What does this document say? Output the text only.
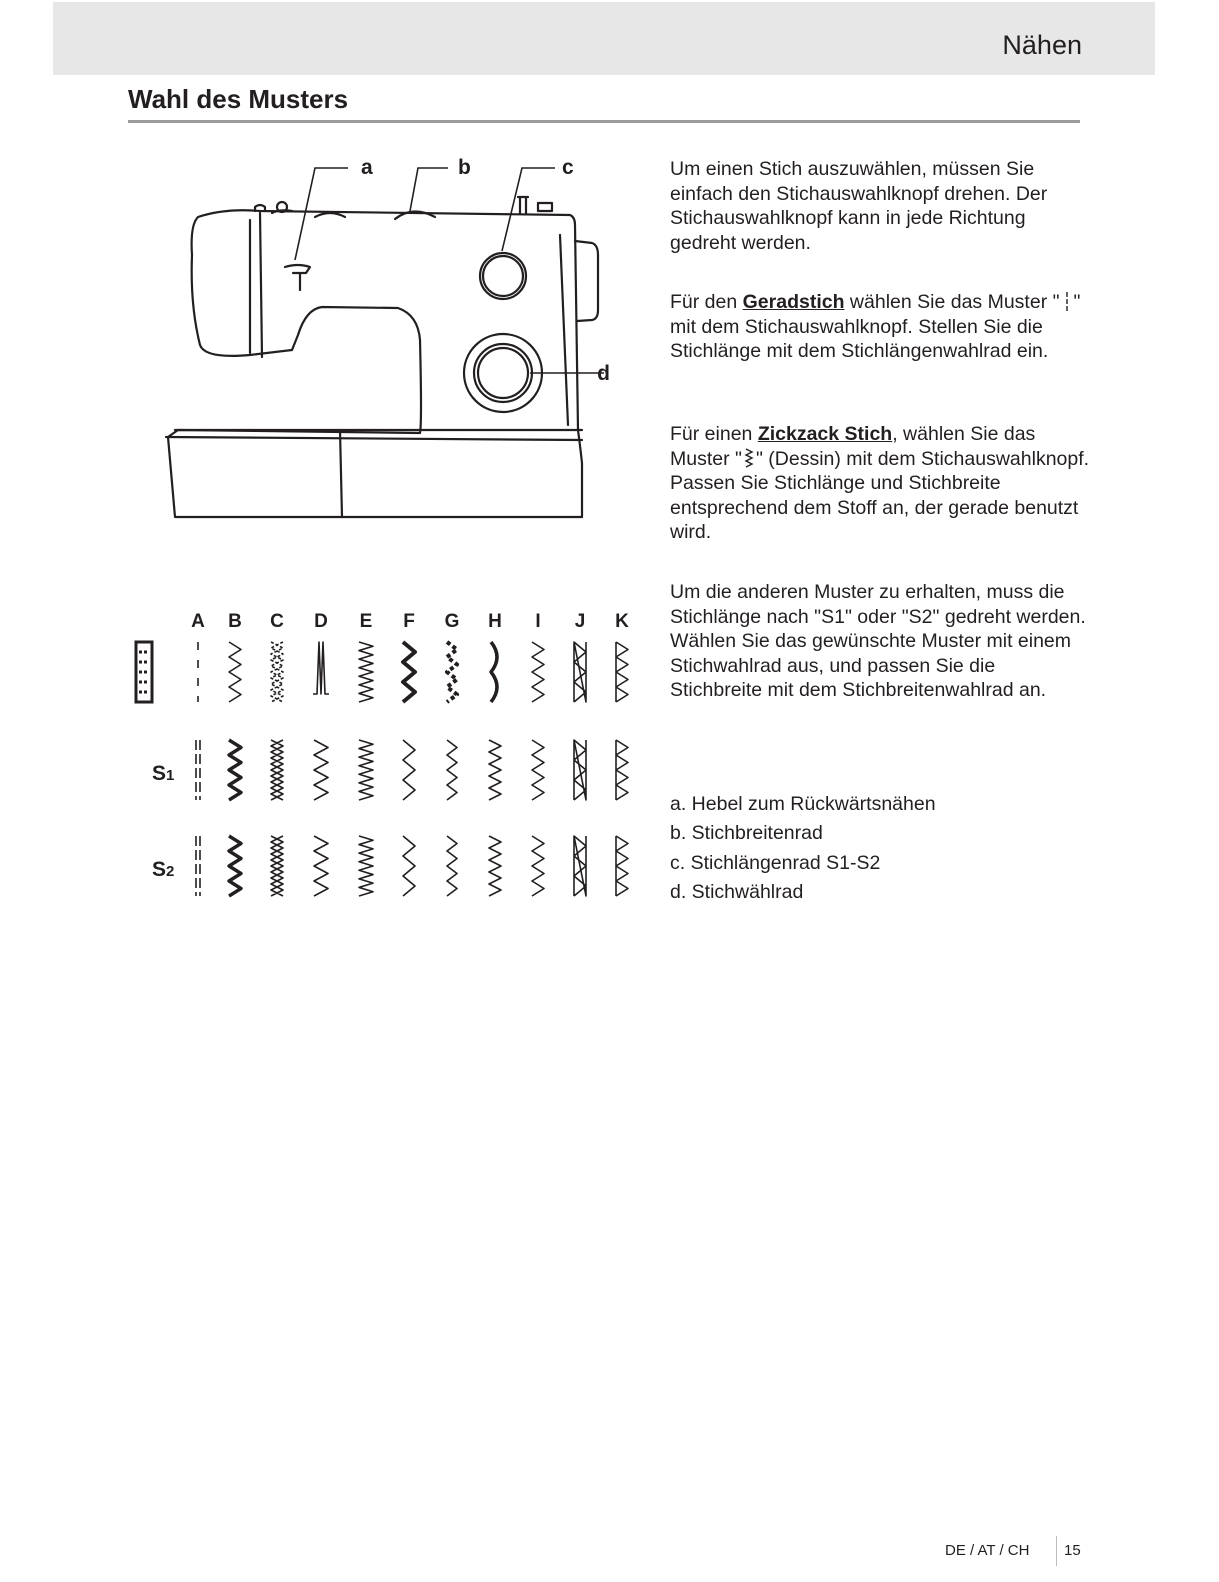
Nähen
Wahl des Musters
a	b	c
d
A B C D E F G H I J K
S1
S2

Um einen Stich auszuwählen, müssen Sie einfach den Stichauswahlknopf drehen. Der Stichauswahlknopf kann in jede Richtung gedreht werden.

Für den Geradstich wählen Sie das Muster " " mit dem Stichauswahlknopf. Stellen Sie die Stichlänge mit dem Stichlängenwahlrad ein.

Für einen Zickzack Stich, wählen Sie das Muster " " (Dessin) mit dem Stichauswahlknopf. Passen Sie Stichlänge und Stichbreite entsprechend dem Stoff an, der gerade benutzt wird.

Um die anderen Muster zu erhalten, muss die Stichlänge nach "S1" oder "S2" gedreht werden. Wählen Sie das gewünschte Muster mit einem Stichwahlrad aus, und passen Sie die Stichbreite mit dem Stichbreitenwahlrad an.

a. Hebel zum Rückwärtsnähen
b. Stichbreitenrad
c. Stichlängenrad S1-S2
d. Stichwählrad
DE / AT / CH 15
